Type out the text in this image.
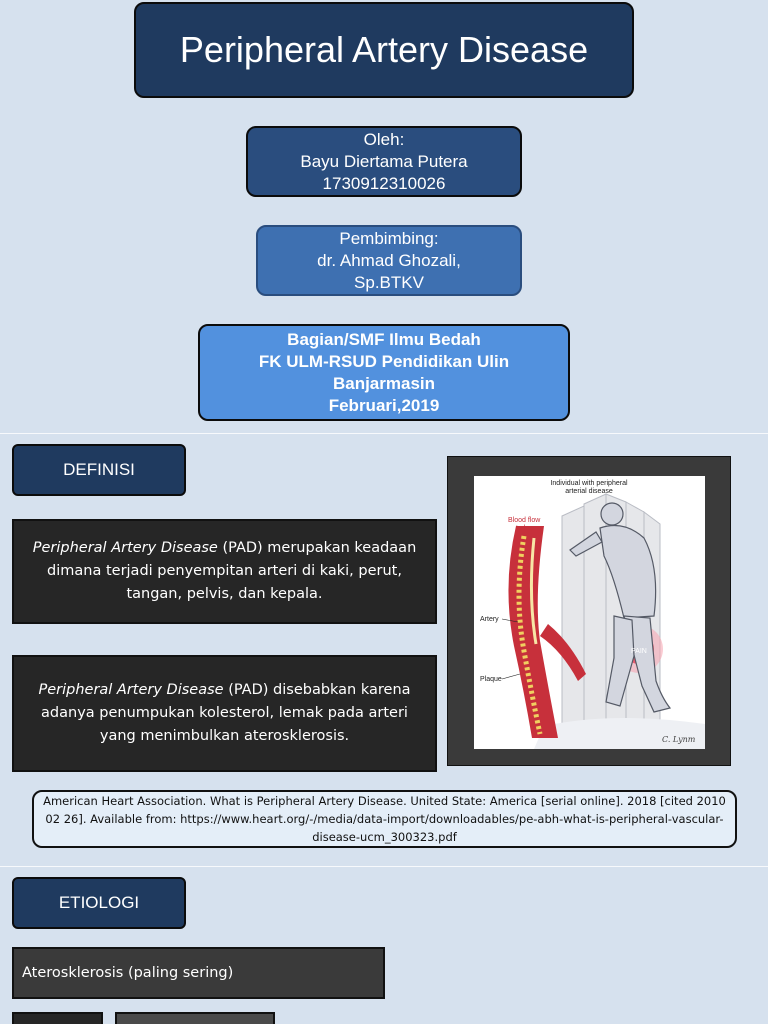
Peripheral Artery Disease
Oleh:
Bayu Diertama Putera
1730912310026
Pembimbing:
dr. Ahmad Ghozali,
Sp.BTKV
Bagian/SMF Ilmu Bedah
FK ULM-RSUD Pendidikan Ulin
Banjarmasin
Februari,2019
DEFINISI

Peripheral Artery Disease (PAD) merupakan keadaan dimana terjadi penyempitan arteri di kaki, perut, tangan, pelvis, dan kepala.

Peripheral Artery Disease (PAD) disebabkan karena adanya penumpukan kolesterol, lemak pada arteri yang menimbulkan aterosklerosis.

Individual with peripheral
arterial disease
Blood flow
to leg
Artery
Plaque
PAIN
C. Lynm
American Heart Association. What is Peripheral Artery Disease. United State: America [serial online]. 2018 [cited 2010 02 26]. Available from: https://www.heart.org/-/media/data-import/downloadables/pe-abh-what-is-peripheral-vascular-disease-ucm_300323.pdf
ETIOLOGI
Aterosklerosis (paling sering)
